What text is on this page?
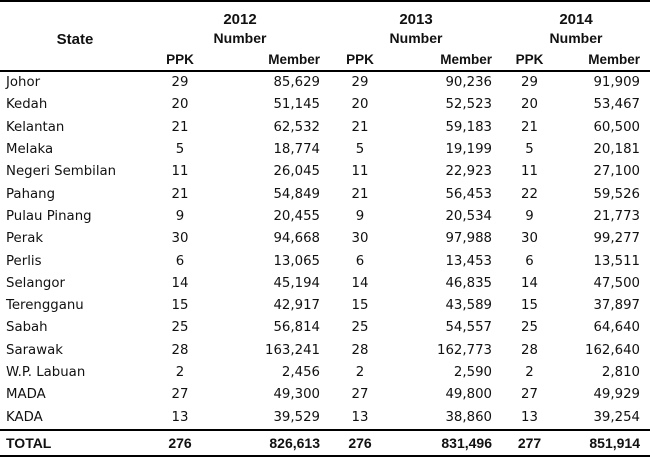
State	2012		2013		2014	
	Number		Number		Number	
	PPK	Member	PPK	Member	PPK	Member
Johor	29	85,629	29	90,236	29	91,909
Kedah	20	51,145	20	52,523	20	53,467
Kelantan	21	62,532	21	59,183	21	60,500
Melaka	5	18,774	5	19,199	5	20,181
Negeri Sembilan	11	26,045	11	22,923	11	27,100
Pahang	21	54,849	21	56,453	22	59,526
Pulau Pinang	9	20,455	9	20,534	9	21,773
Perak	30	94,668	30	97,988	30	99,277
Perlis	6	13,065	6	13,453	6	13,511
Selangor	14	45,194	14	46,835	14	47,500
Terengganu	15	42,917	15	43,589	15	37,897
Sabah	25	56,814	25	54,557	25	64,640
Sarawak	28	163,241	28	162,773	28	162,640
W.P. Labuan	2	2,456	2	2,590	2	2,810
MADA	27	49,300	27	49,800	27	49,929
KADA	13	39,529	13	38,860	13	39,254
TOTAL	276	826,613	276	831,496	277	851,914
